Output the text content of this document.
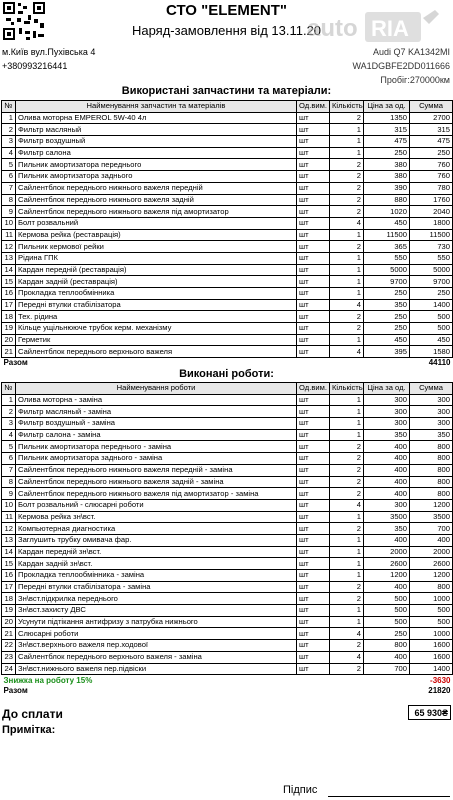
СТО "ELEMENT"
Наряд-замовлення від 13.11.20
auto RIA
м.Київ вул.Пухівська 4
+380993216441
Audi Q7 KA1342MI
WA1DGBFE2DD011666
Пробіг:270000км
Використані запчастини та матеріали:
№	Найменування запчастин та матеріалів	Од.вим.	Кількість	Ціна за од.	Сумма
1	Олива моторна EMPEROL 5W-40 4л	шт	2	1350	2700
2	Фильтр масляный	шт	1	315	315
3	Фильтр воздушный	шт	1	475	475
4	Фильтр салона	шт	1	250	250
5	Пильник амортизатора переднього	шт	2	380	760
6	Пильник амортизатора заднього	шт	2	380	760
7	Сайлентблок переднього нижнього важеля передній	шт	2	390	780
8	Сайлентблок переднього нижнього важеля задній	шт	2	880	1760
9	Сайлентблок переднього нижнього важеля під амортизатор	шт	2	1020	2040
10	Болт розвальний	шт	4	450	1800
11	Кермова рейка (реставрація)	шт	1	11500	11500
12	Пильник кермової рейки	шт	2	365	730
13	Рідина ГПК	шт	1	550	550
14	Кардан передній (реставрація)	шт	1	5000	5000
15	Кардан задній (реставрація)	шт	1	9700	9700
16	Прокладка теплообмінника	шт	1	250	250
17	Передні втулки стабілізатора	шт	4	350	1400
18	Тех. рідина	шт	2	250	500
19	Кільце ущільнююче трубок керм. механізму	шт	2	250	500
20	Герметик	шт	1	450	450
21	Сайлентблок переднього верхнього важеля	шт	4	395	1580
Разом					44110
Виконані роботи:
№	Найменування роботи	Од.вим.	Кількість	Ціна за од.	Сумма
1	Олива моторна - заміна	шт	1	300	300
2	Фильтр масляный - заміна	шт	1	300	300
3	Фильтр воздушный - заміна	шт	1	300	300
4	Фильтр салона - заміна	шт	1	350	350
5	Пильник амортизатора переднього - заміна	шт	2	400	800
6	Пильник амортизатора заднього - заміна	шт	2	400	800
7	Сайлентблок переднього нижнього важеля передній - заміна	шт	2	400	800
8	Сайлентблок переднього нижнього важеля задній - заміна	шт	2	400	800
9	Сайлентблок переднього нижнього важеля під амортизатор - заміна	шт	2	400	800
10	Болт розвальний - слюсарні роботи	шт	4	300	1200
11	Кермова рейка зн\вст.	шт	1	3500	3500
12	Компьютерная диагностика	шт	2	350	700
13	Заглушить трубку омивача фар.	шт	1	400	400
14	Кардан передній зн\вст.	шт	1	2000	2000
15	Кардан задній зн\вст.	шт	1	2600	2600
16	Прокладка теплообмінника - заміна	шт	1	1200	1200
17	Передні втулки стабілізатора - заміна	шт	2	400	800
18	Зн\вст.підкрилка переднього	шт	2	500	1000
19	Зн\вст.захисту ДВС	шт	1	500	500
20	Усунути підтікання антифризу з патрубка нижнього	шт	1	500	500
21	Слюсарні роботи	шт	4	250	1000
22	Зн\вст.верхнього важеля пер.ходової	шт	2	800	1600
23	Сайлентблок переднього верхнього важеля - заміна	шт	4	400	1600
24	Зн\вст.нижнього важеля пер.підвіски	шт	2	700	1400
Знижка на роботу 15%					-3630
Разом					21820
До сплати	65 930₴
Примітка:
Підпис
